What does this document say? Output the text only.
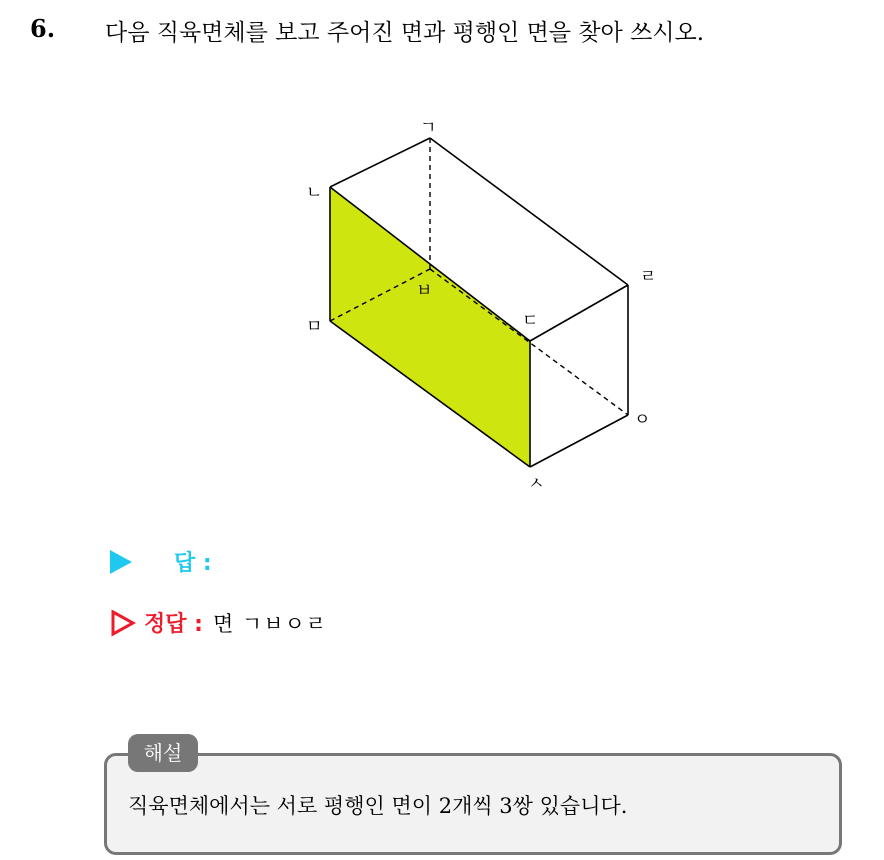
6. 다음 직육면체를 보고 주어진 면과 평행인 면을 찾아 쓰시오.
ㄱ
ㄴ
ㅁ
ㅂ
ㄷ
ㄹ
ㅇ
ㅅ
답 :
정답 : 면 ㄱㅂㅇㄹ
해설
직육면체에서는 서로 평행인 면이 2개씩 3쌍 있습니다.
